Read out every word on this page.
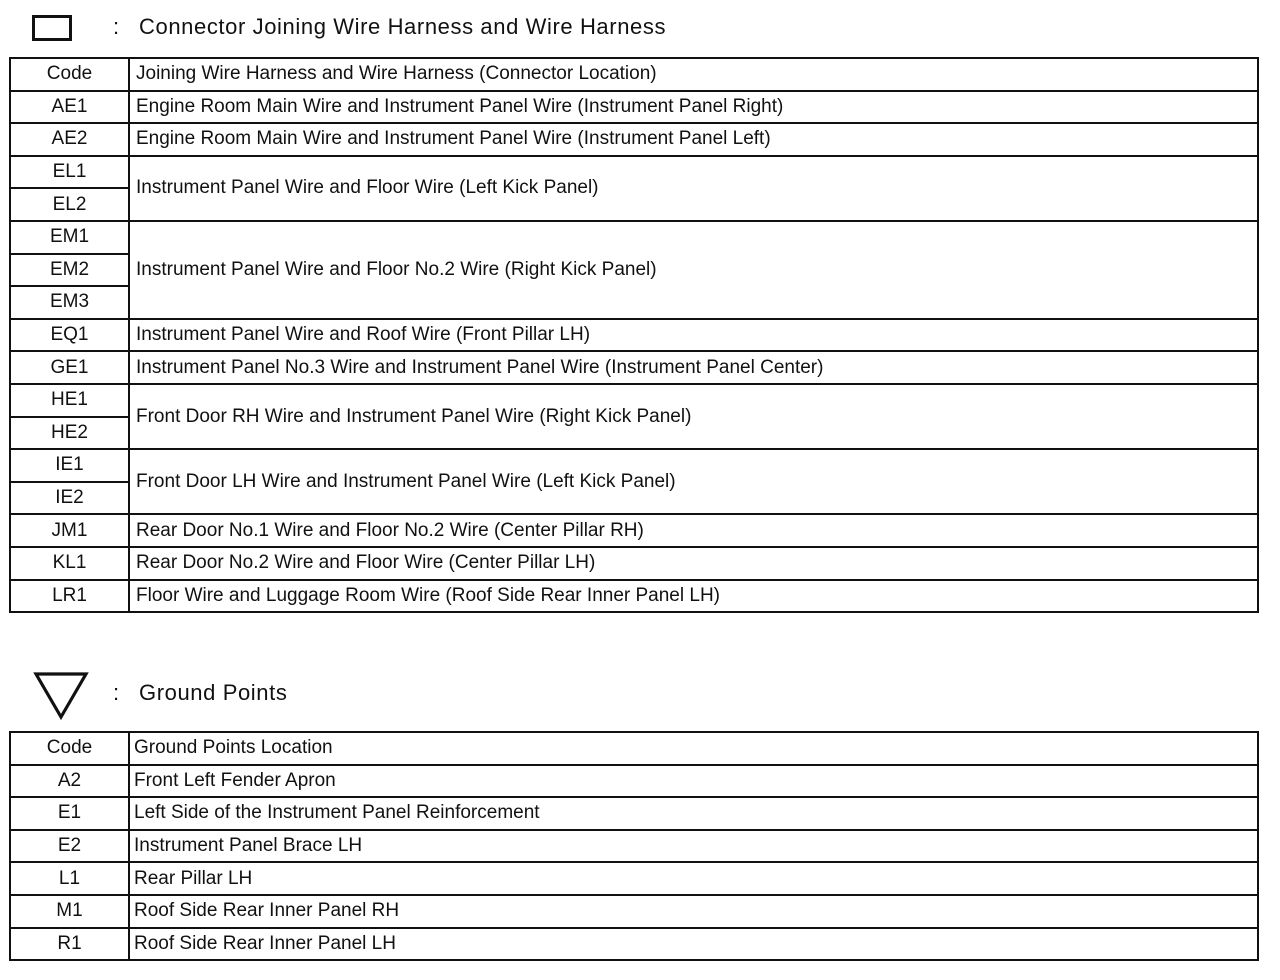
: Connector Joining Wire Harness and Wire Harness
Code	Joining Wire Harness and Wire Harness (Connector Location)
AE1	Engine Room Main Wire and Instrument Panel Wire (Instrument Panel Right)
AE2	Engine Room Main Wire and Instrument Panel Wire (Instrument Panel Left)
EL1	Instrument Panel Wire and Floor Wire (Left Kick Panel)
EL2	
EM1	Instrument Panel Wire and Floor No.2 Wire (Right Kick Panel)
EM2	
EM3	
EQ1	Instrument Panel Wire and Roof Wire (Front Pillar LH)
GE1	Instrument Panel No.3 Wire and Instrument Panel Wire (Instrument Panel Center)
HE1	Front Door RH Wire and Instrument Panel Wire (Right Kick Panel)
HE2	
IE1	Front Door LH Wire and Instrument Panel Wire (Left Kick Panel)
IE2	
JM1	Rear Door No.1 Wire and Floor No.2 Wire (Center Pillar RH)
KL1	Rear Door No.2 Wire and Floor Wire (Center Pillar LH)
LR1	Floor Wire and Luggage Room Wire (Roof Side Rear Inner Panel LH)
: Ground Points
Code	Ground Points Location
A2	Front Left Fender Apron
E1	Left Side of the Instrument Panel Reinforcement
E2	Instrument Panel Brace LH
L1	Rear Pillar LH
M1	Roof Side Rear Inner Panel RH
R1	Roof Side Rear Inner Panel LH
